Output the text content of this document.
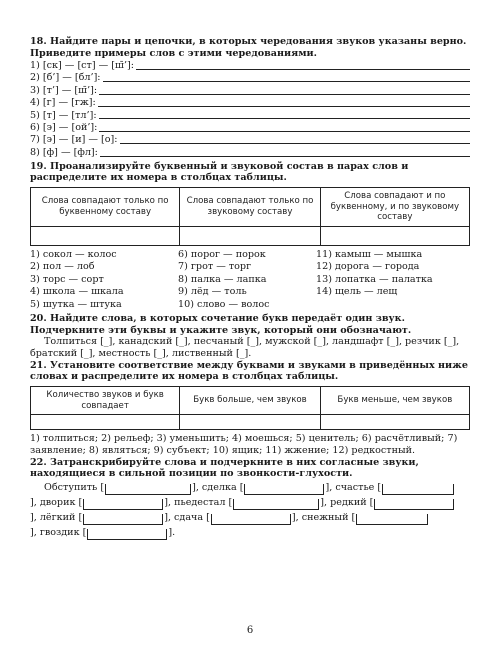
18. Найдите пары и цепочки, в которых чередования звуков указаны верно. Приведите примеры слов с этими чередованиями.

1) [ск] — [ст] — [ш̄’]:
2) [б’] — [бл’]:
3) [т’] — [ш̄’]:
4) [г] — [гж]:
5) [т] — [тл’]:
6) [э] — [ой’]:
7) [э] — [и] — [о]:
8) [ф] — [фл]:

19. Проанализируйте буквенный и звуковой состав в парах слов и распределите их номера в столбцах таблицы.

Слова совпадают только по буквенному составу	Слова совпадают только по звуковому составу	Слова совпадают и по буквенному, и по звуковому составу

1) сокол — колос	6) порог — порок	11) камыш — мышка
2) пол — лоб	7) грот — торг	12) дорога — города
3) торс — сорт	8) палка — лапка	13) лопатка — палатка
4) школа — шкала	9) лёд — толь	14) щель — лещ
5) шутка — штука	10) слово — волос

20. Найдите слова, в которых сочетание букв передаёт один звук. Подчеркните эти буквы и укажите звук, который они обозначают.

Толпиться [_], канадский [_], песчаный [_], мужской [_], ландшафт [_], резчик [_], братский [_], местность [_], лиственный [_].

21. Установите соответствие между буквами и звуками в приведённых ниже словах и распределите их номера в столбцах таблицы.

Количество звуков и букв совпадает	Букв больше, чем звуков	Букв меньше, чем звуков

1) толпиться; 2) рельеф; 3) уменьшить; 4) моешься; 5) ценитель; 6) расчётливый; 7) заявление; 8) являться; 9) субъект; 10) ящик; 11) жжение; 12) редкостный.

22. Затранскрибируйте слова и подчеркните в них согласные звуки, находящиеся в сильной позиции по звонкости-глухости.

Обступить [	], сделка [	], счастье [
], дворик [	], пьедестал [	], редкий [
], лёгкий [	], сдача [	], снежный [
], гвоздик [	].
6
